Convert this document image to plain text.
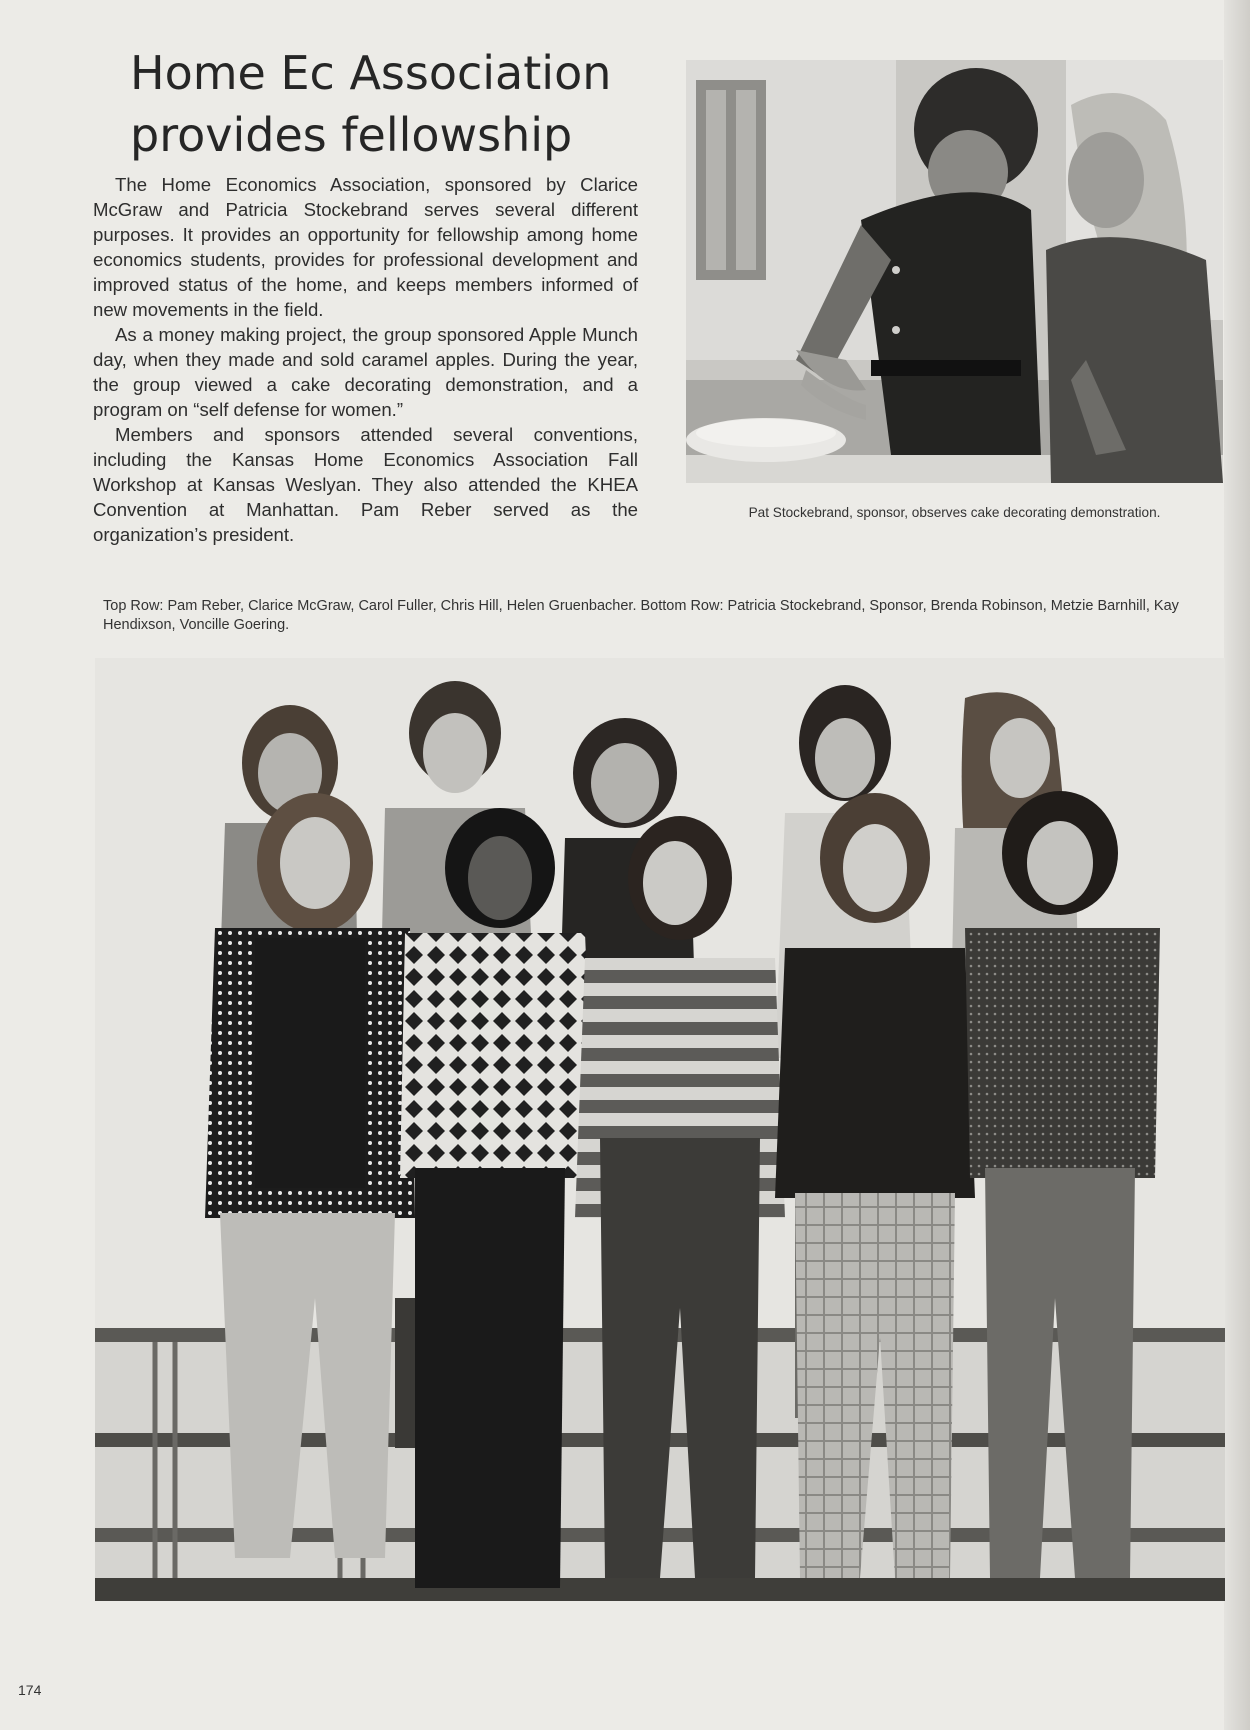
Home Ec Association
provides fellowship

The Home Economics Association, sponsored by Clarice McGraw and Patricia Stockebrand serves several different purposes. It provides an opportunity for fellowship among home economics students, provides for professional development and improved status of the home, and keeps members informed of new movements in the field.

As a money making project, the group sponsored Apple Munch day, when they made and sold caramel apples. During the year, the group viewed a cake decorating demonstration, and a program on “self defense for women.”

Members and sponsors attended several conventions, including the Kansas Home Economics Association Fall Workshop at Kansas Weslyan. They also attended the KHEA Convention at Manhattan. Pam Reber served as the organization’s president.

Pat Stockebrand, sponsor, observes cake decorating demonstration.
Top Row: Pam Reber, Clarice McGraw, Carol Fuller, Chris Hill, Helen Gruenbacher. Bottom Row: Patricia Stockebrand, Sponsor, Brenda Robinson, Metzie Barnhill, Kay Hendixson, Voncille Goering.
174
